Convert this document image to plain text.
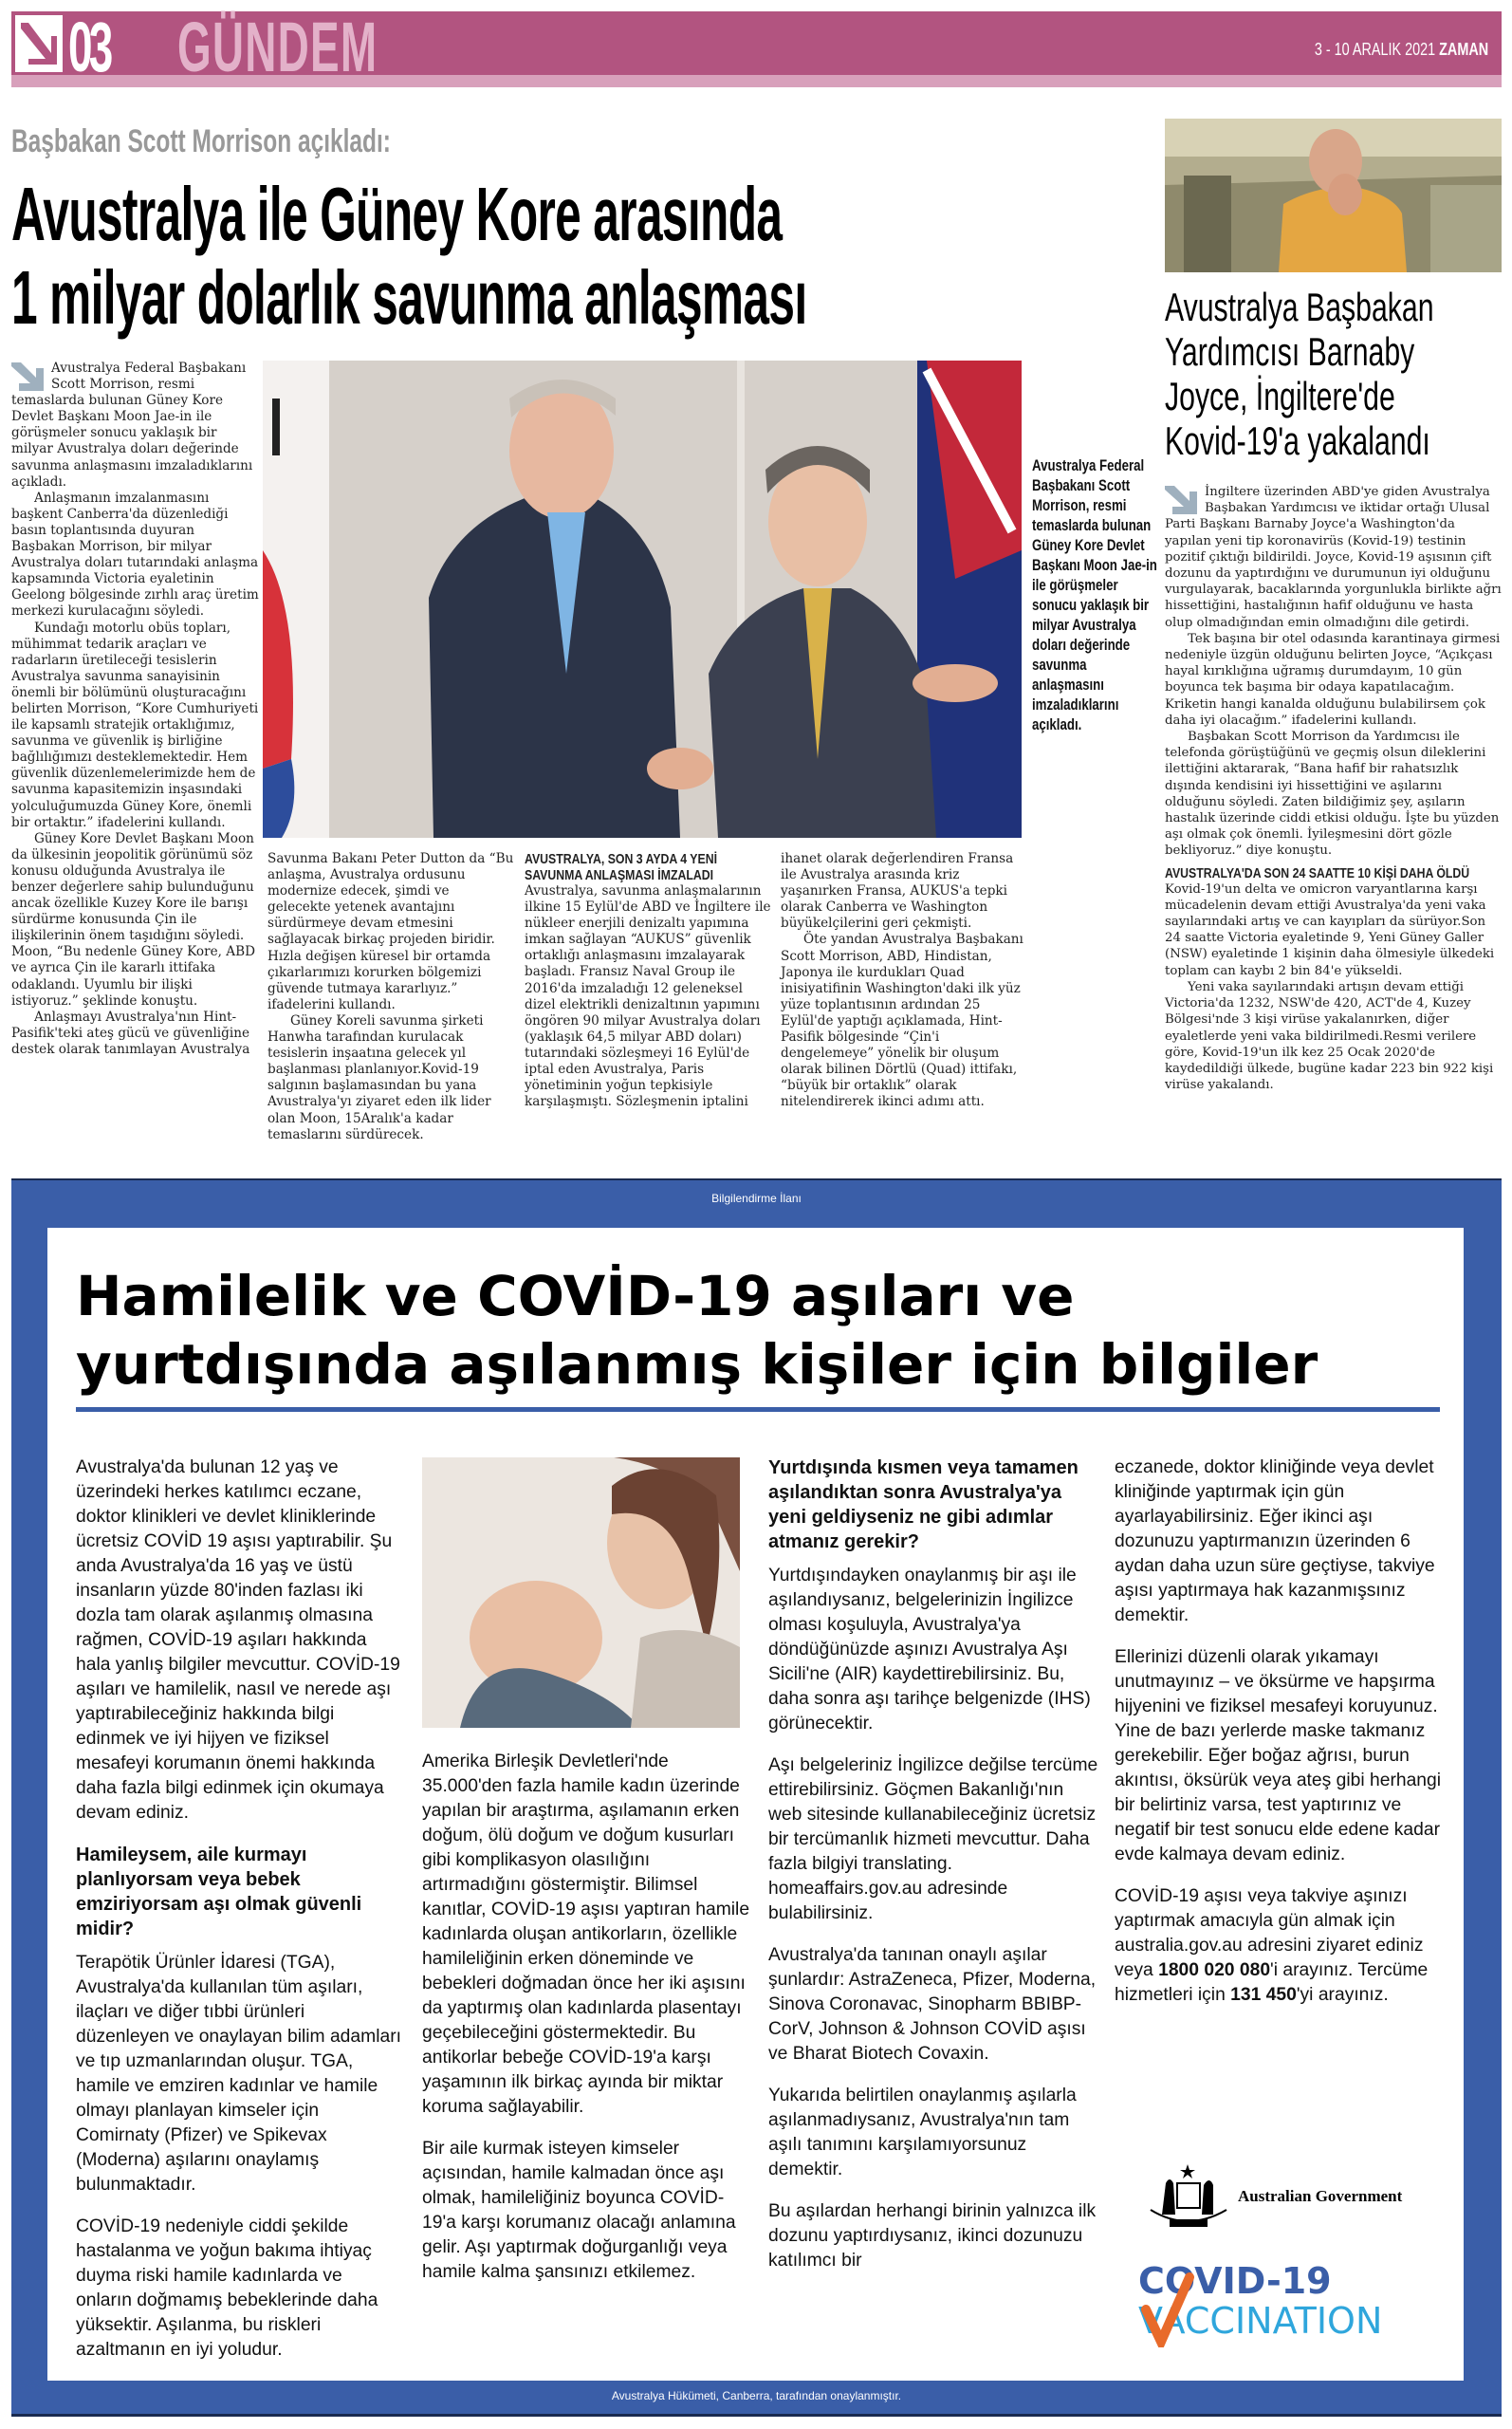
03 GÜNDEM	3 - 10 ARALIK 2021 ZAMAN
Başbakan Scott Morrison açıkladı:
Avustralya ile Güney Kore arasında
1 milyar dolarlık savunma anlaşması

Avustralya Federal Başbakanı Scott Morrison, resmi temaslarda bulunan Güney Kore Devlet Başkanı Moon Jae-in ile görüşmeler sonucu yaklaşık bir milyar Avustralya doları değerinde savunma anlaşmasını imzaladıklarını açıkladı.

Anlaşmanın imzalanmasını başkent Canberra'da düzenlediği basın toplantısında duyuran Başbakan Morrison, bir milyar Avustralya doları tutarındaki anlaşma kapsamında Victoria eyaletinin Geelong bölgesinde zırhlı araç üretim merkezi kurulacağını söyledi.

Kundağı motorlu obüs topları, mühimmat tedarik araçları ve radarların üretileceği tesislerin Avustralya savunma sanayisinin önemli bir bölümünü oluşturacağını belirten Morrison, “Kore Cumhuriyeti ile kapsamlı stratejik ortaklığımız, savunma ve güvenlik iş birliğine bağlılığımızı desteklemektedir. Hem güvenlik düzenlemelerimizde hem de savunma kapasitemizin inşasındaki yolculuğumuzda Güney Kore, önemli bir ortaktır.” ifadelerini kullandı.

Güney Kore Devlet Başkanı Moon da ülkesinin jeopolitik görünümü söz konusu olduğunda Avustralya ile benzer değerlere sahip bulunduğunu ancak özellikle Kuzey Kore ile barışı sürdürme konusunda Çin ile ilişkilerinin önem taşıdığını söyledi. Moon, “Bu nedenle Güney Kore, ABD ve ayrıca Çin ile kararlı ittifaka odaklandı. Uyumlu bir ilişki istiyoruz.” şeklinde konuştu.

Anlaşmayı Avustralya'nın Hint-Pasifik'teki ateş gücü ve güvenliğine destek olarak tanımlayan Avustralya

Avustralya Federal Başbakanı Scott Morrison, resmi temaslarda bulunan Güney Kore Devlet Başkanı Moon Jae-in ile görüşmeler sonucu yaklaşık bir milyar Avustralya doları değerinde savunma anlaşmasını imzaladıklarını açıkladı.

Savunma Bakanı Peter Dutton da “Bu anlaşma, Avustralya ordusunu modernize edecek, şimdi ve gelecekte yetenek avantajını sürdürmeye devam etmesini sağlayacak birkaç projeden biridir. Hızla değişen küresel bir ortamda çıkarlarımızı korurken bölgemizi güvende tutmaya kararlıyız.” ifadelerini kullandı.

Güney Koreli savunma şirketi Hanwha tarafından kurulacak tesislerin inşaatına gelecek yıl başlanması planlanıyor.Kovid-19 salgının başlamasından bu yana Avustralya'yı ziyaret eden ilk lider olan Moon, 15Aralık'a kadar temaslarını sürdürecek.

AVUSTRALYA, SON 3 AYDA 4 YENİ SAVUNMA ANLAŞMASI İMZALADI

Avustralya, savunma anlaşmalarının ilkine 15 Eylül'de ABD ve İngiltere ile nükleer enerjili denizaltı yapımına imkan sağlayan “AUKUS” güvenlik ortaklığı anlaşmasını imzalayarak başladı. Fransız Naval Group ile 2016'da imzaladığı 12 geleneksel dizel elektrikli denizaltının yapımını öngören 90 milyar Avustralya doları (yaklaşık 64,5 milyar ABD doları) tutarındaki sözleşmeyi 16 Eylül'de iptal eden Avustralya, Paris yönetiminin yoğun tepkisiyle karşılaşmıştı. Sözleşmenin iptalini

ihanet olarak değerlendiren Fransa ile Avustralya arasında kriz yaşanırken Fransa, AUKUS'a tepki olarak Canberra ve Washington büyükelçilerini geri çekmişti.

Öte yandan Avustralya Başbakanı Scott Morrison, ABD, Hindistan, Japonya ile kurdukları Quad inisiyatifinin Washington'daki ilk yüz yüze toplantısının ardından 25 Eylül'de yaptığı açıklamada, Hint-Pasifik bölgesinde “Çin'i dengelemeye” yönelik bir oluşum olarak bilinen Dörtlü (Quad) ittifakı, “büyük bir ortaklık” olarak nitelendirerek ikinci adımı attı.

Avustralya Başbakan
Yardımcısı Barnaby
Joyce, İngiltere'de
Kovid-19'a yakalandı

İngiltere üzerinden ABD'ye giden Avustralya Başbakan Yardımcısı ve iktidar ortağı Ulusal Parti Başkanı Barnaby Joyce'a Washington'da yapılan yeni tip koronavirüs (Kovid-19) testinin pozitif çıktığı bildirildi. Joyce, Kovid-19 aşısının çift dozunu da yaptırdığını ve durumunun iyi olduğunu vurgulayarak, bacaklarında yorgunlukla birlikte ağrı hissettiğini, hastalığının hafif olduğunu ve hasta olup olmadığından emin olmadığını dile getirdi.

Tek başına bir otel odasında karantinaya girmesi nedeniyle üzgün olduğunu belirten Joyce, “Açıkçası hayal kırıklığına uğramış durumdayım, 10 gün boyunca tek başıma bir odaya kapatılacağım. Kriketin hangi kanalda olduğunu bulabilirsem çok daha iyi olacağım.” ifadelerini kullandı.

Başbakan Scott Morrison da Yardımcısı ile telefonda görüştüğünü ve geçmiş olsun dileklerini ilettiğini aktararak, “Bana hafif bir rahatsızlık dışında kendisini iyi hissettiğini ve aşılarını olduğunu söyledi. Zaten bildiğimiz şey, aşıların hastalık üzerinde ciddi etkisi olduğu. İşte bu yüzden aşı olmak çok önemli. İyileşmesini dört gözle bekliyoruz.” diye konuştu.

AVUSTRALYA'DA SON 24 SAATTE 10 KİŞİ DAHA ÖLDÜ

Kovid-19'un delta ve omicron varyantlarına karşı mücadelenin devam ettiği Avustralya'da yeni vaka sayılarındaki artış ve can kayıpları da sürüyor.Son 24 saatte Victoria eyaletinde 9, Yeni Güney Galler (NSW) eyaletinde 1 kişinin daha ölmesiyle ülkedeki toplam can kaybı 2 bin 84'e yükseldi.

Yeni vaka sayılarındaki artışın devam ettiği Victoria'da 1232, NSW'de 420, ACT'de 4, Kuzey Bölgesi'nde 3 kişi virüse yakalanırken, diğer eyaletlerde yeni vaka bildirilmedi.Resmi verilere göre, Kovid-19'un ilk kez 25 Ocak 2020'de kaydedildiği ülkede, bugüne kadar 223 bin 922 kişi virüse yakalandı.

Bilgilendirme İlanı
Hamilelik ve COVİD-19 aşıları ve
yurtdışında aşılanmış kişiler için bilgiler

Avustralya'da bulunan 12 yaş ve üzerindeki herkes katılımcı eczane, doktor klinikleri ve devlet kliniklerinde ücretsiz COVİD 19 aşısı yaptırabilir. Şu anda Avustralya'da 16 yaş ve üstü insanların yüzde 80'inden fazlası iki dozla tam olarak aşılanmış olmasına rağmen, COVİD-19 aşıları hakkında hala yanlış bilgiler mevcuttur. COVİD-19 aşıları ve hamilelik, nasıl ve nerede aşı yaptırabileceğiniz hakkında bilgi edinmek ve iyi hijyen ve fiziksel mesafeyi korumanın önemi hakkında daha fazla bilgi edinmek için okumaya devam ediniz.

Hamileysem, aile kurmayı planlıyorsam veya bebek emziriyorsam aşı olmak güvenli midir?

Terapötik Ürünler İdaresi (TGA), Avustralya'da kullanılan tüm aşıları, ilaçları ve diğer tıbbi ürünleri düzenleyen ve onaylayan bilim adamları ve tıp uzmanlarından oluşur. TGA, hamile ve emziren kadınlar ve hamile olmayı planlayan kimseler için Comirnaty (Pfizer) ve Spikevax (Moderna) aşılarını onaylamış bulunmaktadır.

COVİD-19 nedeniyle ciddi şekilde hastalanma ve yoğun bakıma ihtiyaç duyma riski hamile kadınlarda ve onların doğmamış bebeklerinde daha yüksektir. Aşılanma, bu riskleri azaltmanın en iyi yoludur.

Amerika Birleşik Devletleri'nde 35.000'den fazla hamile kadın üzerinde yapılan bir araştırma, aşılamanın erken doğum, ölü doğum ve doğum kusurları gibi komplikasyon olasılığını artırmadığını göstermiştir. Bilimsel kanıtlar, COVİD-19 aşısı yaptıran hamile kadınlarda oluşan antikorların, özellikle hamileliğinin erken döneminde ve bebekleri doğmadan önce her iki aşısını da yaptırmış olan kadınlarda plasentayı geçebileceğini göstermektedir. Bu antikorlar bebeğe COVİD-19'a karşı yaşamının ilk birkaç ayında bir miktar koruma sağlayabilir.

Bir aile kurmak isteyen kimseler açısından, hamile kalmadan önce aşı olmak, hamileliğiniz boyunca COVİD-19'a karşı korumanız olacağı anlamına gelir. Aşı yaptırmak doğurganlığı veya hamile kalma şansınızı etkilemez.

Yurtdışında kısmen veya tamamen aşılandıktan sonra Avustralya'ya yeni geldiyseniz ne gibi adımlar atmanız gerekir?

Yurtdışındayken onaylanmış bir aşı ile aşılandıysanız, belgelerinizin İngilizce olması koşuluyla, Avustralya'ya döndüğünüzde aşınızı Avustralya Aşı Sicili'ne (AIR) kaydettirebilirsiniz. Bu, daha sonra aşı tarihçe belgenizde (IHS) görünecektir.

Aşı belgeleriniz İngilizce değilse tercüme ettirebilirsiniz. Göçmen Bakanlığı'nın web sitesinde kullanabileceğiniz ücretsiz bir tercümanlık hizmeti mevcuttur. Daha fazla bilgiyi translating. homeaffairs.gov.au adresinde bulabilirsiniz.

Avustralya'da tanınan onaylı aşılar şunlardır: AstraZeneca, Pfizer, Moderna, Sinova Coronavac, Sinopharm BBIBP-CorV, Johnson & Johnson COVİD aşısı ve Bharat Biotech Covaxin.

Yukarıda belirtilen onaylanmış aşılarla aşılanmadıysanız, Avustralya'nın tam aşılı tanımını karşılamıyorsunuz demektir.

Bu aşılardan herhangi birinin yalnızca ilk dozunu yaptırdıysanız, ikinci dozunuzu katılımcı bir

eczanede, doktor kliniğinde veya devlet kliniğinde yaptırmak için gün ayarlayabilirsiniz. Eğer ikinci aşı dozunuzu yaptırmanızın üzerinden 6 aydan daha uzun süre geçtiyse, takviye aşısı yaptırmaya hak kazanmışsınız demektir.

Ellerinizi düzenli olarak yıkamayı unutmayınız – ve öksürme ve hapşırma hijyenini ve fiziksel mesafeyi koruyunuz. Yine de bazı yerlerde maske takmanız gerekebilir. Eğer boğaz ağrısı, burun akıntısı, öksürük veya ateş gibi herhangi bir belirtiniz varsa, test yaptırınız ve negatif bir test sonucu elde edene kadar evde kalmaya devam ediniz.

COVİD-19 aşısı veya takviye aşınızı yaptırmak amacıyla gün almak için australia.gov.au adresini ziyaret ediniz veya 1800 020 080'i arayınız. Tercüme hizmetleri için 131 450'yi arayınız.

Australian Government
COVID-19
VACCINATION
Avustralya Hükümeti, Canberra, tarafından onaylanmıştır.
